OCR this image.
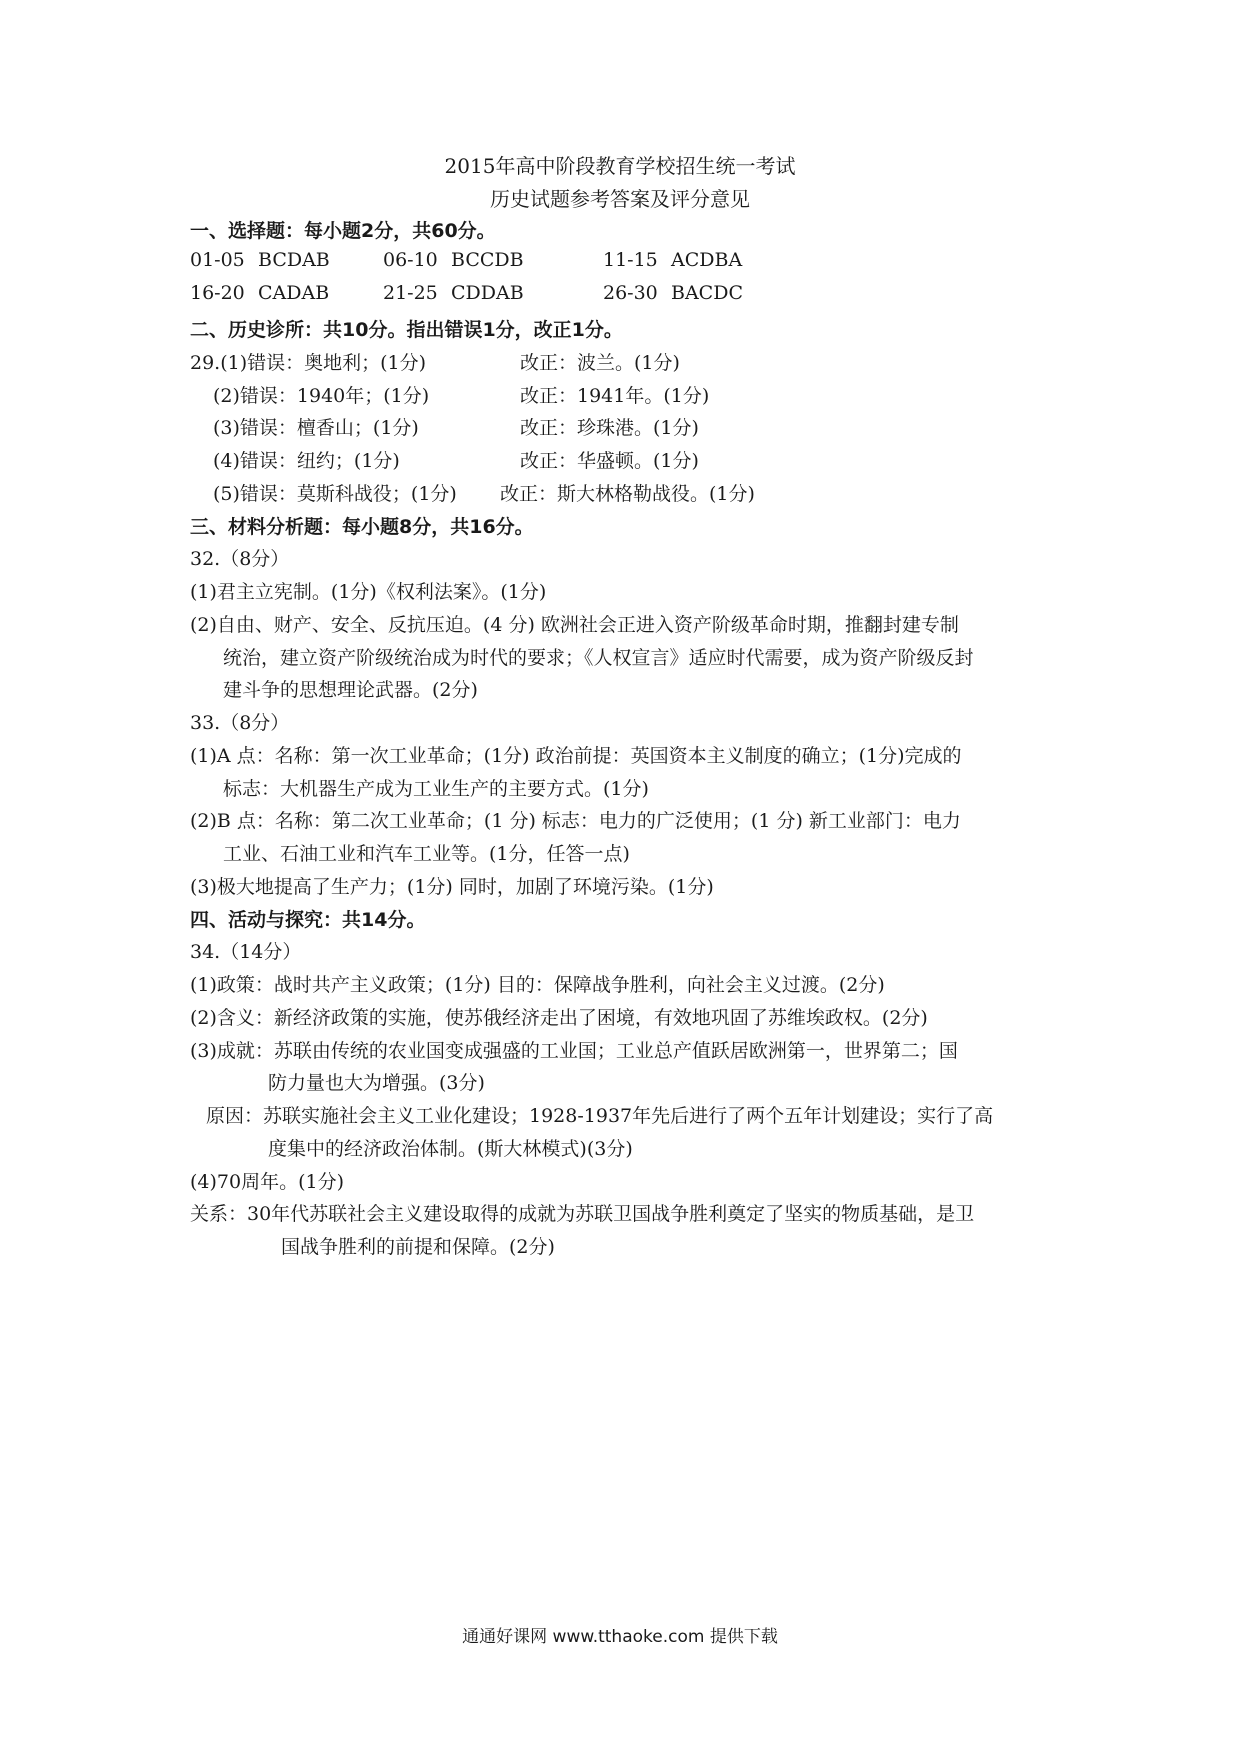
2015年高中阶段教育学校招生统一考试
历史试题参考答案及评分意见
一、选择题：每小题2分，共60分。
01-05 BCDAB	06-10 BCCDB	11-15 ACDBA
16-20 CADAB	21-25 CDDAB	26-30 BACDC
二、历史诊所：共10分。指出错误1分，改正1分。
29.(1)错误：奥地利；(1分)	改正：波兰。(1分)
(2)错误：1940年；(1分)	改正：1941年。(1分)
(3)错误：檀香山；(1分)	改正：珍珠港。(1分)
(4)错误：纽约；(1分)	改正：华盛顿。(1分)
(5)错误：莫斯科战役；(1分) 改正：斯大林格勒战役。(1分)
三、材料分析题：每小题8分，共16分。
32.（8分）
(1)君主立宪制。(1分)《权利法案》。(1分)
(2)自由、财产、安全、反抗压迫。(4 分) 欧洲社会正进入资产阶级革命时期，推翻封建专制
统治，建立资产阶级统治成为时代的要求；《人权宣言》适应时代需要，成为资产阶级反封
建斗争的思想理论武器。(2分)
33.（8分）
(1)A 点：名称：第一次工业革命；(1分) 政治前提：英国资本主义制度的确立；(1分)完成的
标志：大机器生产成为工业生产的主要方式。(1分)
(2)B 点：名称：第二次工业革命；(1 分) 标志：电力的广泛使用；(1 分) 新工业部门：电力
工业、石油工业和汽车工业等。(1分，任答一点)
(3)极大地提高了生产力；(1分) 同时，加剧了环境污染。(1分)
四、活动与探究：共14分。
34.（14分）
(1)政策：战时共产主义政策；(1分) 目的：保障战争胜利，向社会主义过渡。(2分)
(2)含义：新经济政策的实施，使苏俄经济走出了困境，有效地巩固了苏维埃政权。(2分)
(3)成就：苏联由传统的农业国变成强盛的工业国；工业总产值跃居欧洲第一，世界第二；国
防力量也大为增强。(3分)
原因：苏联实施社会主义工业化建设；1928-1937年先后进行了两个五年计划建设；实行了高
度集中的经济政治体制。(斯大林模式)(3分)
(4)70周年。(1分)
关系：30年代苏联社会主义建设取得的成就为苏联卫国战争胜利奠定了坚实的物质基础，是卫
国战争胜利的前提和保障。(2分)
通通好课网 www.tthaoke.com 提供下载
